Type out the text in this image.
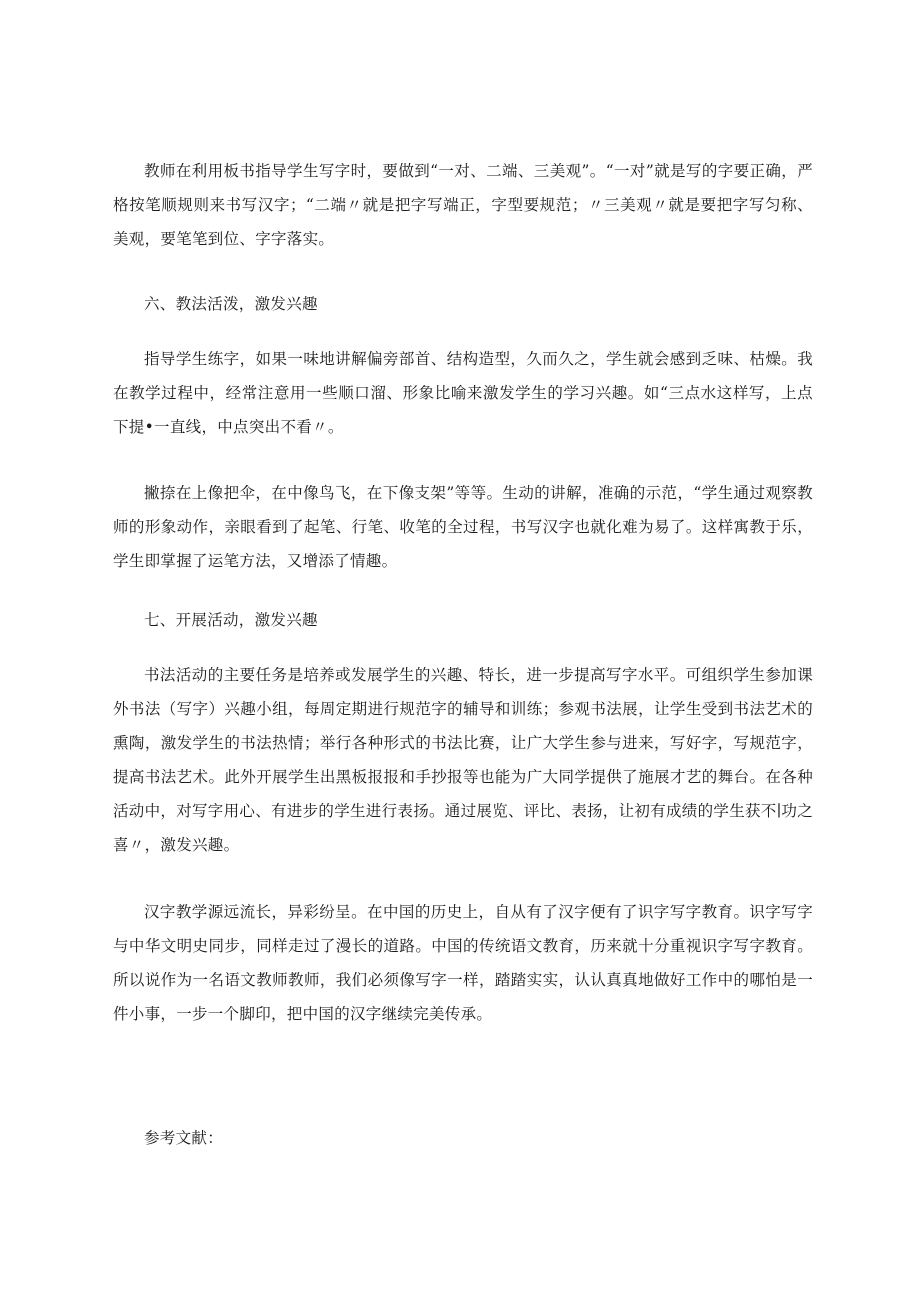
教师在利用板书指导学生写字时，要做到“一对、二端、三美观”。“一对”就是写的字要正确，严格按笔顺规则来书写汉字；“二端〃就是把字写端正，字型要规范；〃三美观〃就是要把字写匀称、美观，要笔笔到位、字字落实。

六、教法活泼，激发兴趣

指导学生练字，如果一味地讲解偏旁部首、结构造型，久而久之，学生就会感到乏味、枯燥。我在教学过程中，经常注意用一些顺口溜、形象比喻来激发学生的学习兴趣。如“三点水这样写，上点下提•一直线，中点突出不看〃。

撇捺在上像把伞，在中像鸟飞，在下像支架”等等。生动的讲解，准确的示范，“学生通过观察教师的形象动作，亲眼看到了起笔、行笔、收笔的全过程，书写汉字也就化难为易了。这样寓教于乐，学生即掌握了运笔方法，又增添了情趣。

七、开展活动，激发兴趣

书法活动的主要任务是培养或发展学生的兴趣、特长，进一步提高写字水平。可组织学生参加课外书法（写字）兴趣小组，每周定期进行规范字的辅导和训练；参观书法展，让学生受到书法艺术的熏陶，激发学生的书法热情；举行各种形式的书法比赛，让广大学生参与进来，写好字，写规范字，提高书法艺术。此外开展学生出黑板报报和手抄报等也能为广大同学提供了施展才艺的舞台。在各种活动中，对写字用心、有进步的学生进行表扬。通过展览、评比、表扬，让初有成绩的学生获不∣功之喜〃，激发兴趣。

汉字教学源远流长，异彩纷呈。在中国的历史上，自从有了汉字便有了识字写字教育。识字写字与中华文明史同步，同样走过了漫长的道路。中国的传统语文教育，历来就十分重视识字写字教育。所以说作为一名语文教师教师，我们必须像写字一样，踏踏实实，认认真真地做好工作中的哪怕是一件小事，一步一个脚印，把中国的汉字继续完美传承。

参考文献：
